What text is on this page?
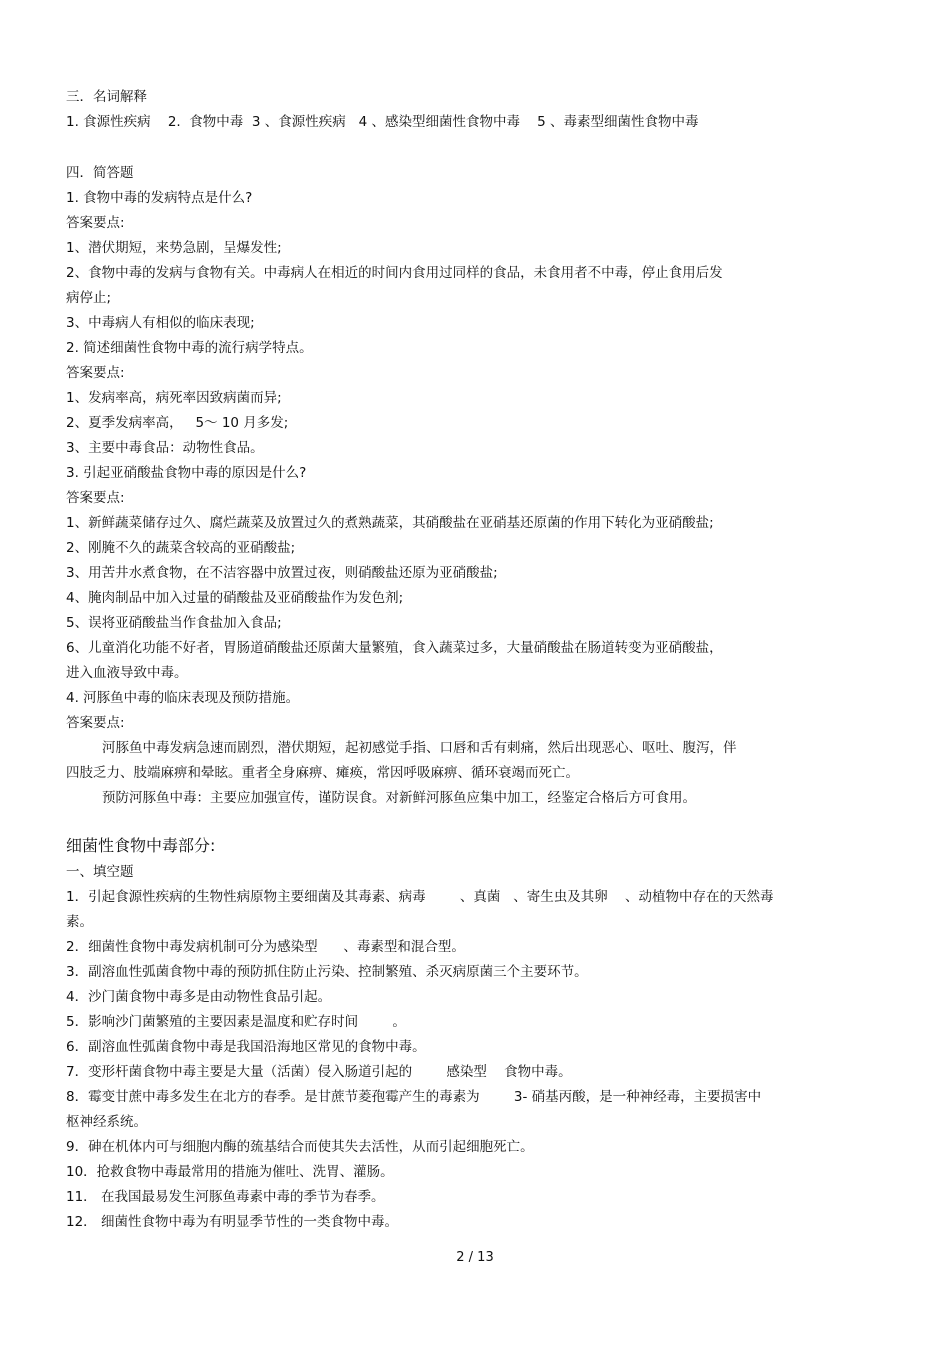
三．名词解释
1. 食源性疾病    2.  食物中毒  3 、食源性疾病   4 、感染型细菌性食物中毒    5 、毒素型细菌性食物中毒
四．简答题
1. 食物中毒的发病特点是什么?
答案要点:
1、潜伏期短，来势急剧，呈爆发性;
2、食物中毒的发病与食物有关。中毒病人在相近的时间内食用过同样的食品，未食用者不中毒，停止食用后发
病停止;
3、中毒病人有相似的临床表现;
2. 简述细菌性食物中毒的流行病学特点。
答案要点:
1、发病率高，病死率因致病菌而异;
2、夏季发病率高，   5～ 10 月多发;
3、主要中毒食品：动物性食品。
3. 引起亚硝酸盐食物中毒的原因是什么?
答案要点:
1、新鲜蔬菜储存过久、腐烂蔬菜及放置过久的煮熟蔬菜，其硝酸盐在亚硝基还原菌的作用下转化为亚硝酸盐;
2、刚腌不久的蔬菜含较高的亚硝酸盐;
3、用苦井水煮食物，在不洁容器中放置过夜，则硝酸盐还原为亚硝酸盐;
4、腌肉制品中加入过量的硝酸盐及亚硝酸盐作为发色剂;
5、误将亚硝酸盐当作食盐加入食品;
6、儿童消化功能不好者，胃肠道硝酸盐还原菌大量繁殖，食入蔬菜过多，大量硝酸盐在肠道转变为亚硝酸盐，
进入血液导致中毒。
4. 河豚鱼中毒的临床表现及预防措施。
答案要点:
河豚鱼中毒发病急速而剧烈，潜伏期短，起初感觉手指、口唇和舌有刺痛，然后出现恶心、呕吐、腹泻，伴
四肢乏力、肢端麻痹和晕眩。重者全身麻痹、瘫痪，常因呼吸麻痹、循环衰竭而死亡。
预防河豚鱼中毒：主要应加强宣传，谨防误食。对新鲜河豚鱼应集中加工，经鉴定合格后方可食用。
细菌性食物中毒部分:
一、填空题
1．引起食源性疾病的生物性病原物主要细菌及其毒素、病毒        、真菌   、寄生虫及其卵    、动植物中存在的天然毒
素。
2．细菌性食物中毒发病机制可分为感染型      、毒素型和混合型。
3．副溶血性弧菌食物中毒的预防抓住防止污染、控制繁殖、杀灭病原菌三个主要环节。
4．沙门菌食物中毒多是由动物性食品引起。
5．影响沙门菌繁殖的主要因素是温度和贮存时间        。
6．副溶血性弧菌食物中毒是我国沿海地区常见的食物中毒。
7．变形杆菌食物中毒主要是大量（活菌）侵入肠道引起的        感染型    食物中毒。
8．霉变甘蔗中毒多发生在北方的春季。是甘蔗节菱孢霉产生的毒素为        3- 硝基丙酸，是一种神经毒，主要损害中
枢神经系统。
9．砷在机体内可与细胞内酶的巯基结合而使其失去活性，从而引起细胞死亡。
10．抢救食物中毒最常用的措施为催吐、洗胃、灌肠。
11． 在我国最易发生河豚鱼毒素中毒的季节为春季。
12． 细菌性食物中毒为有明显季节性的一类食物中毒。
2 / 13
